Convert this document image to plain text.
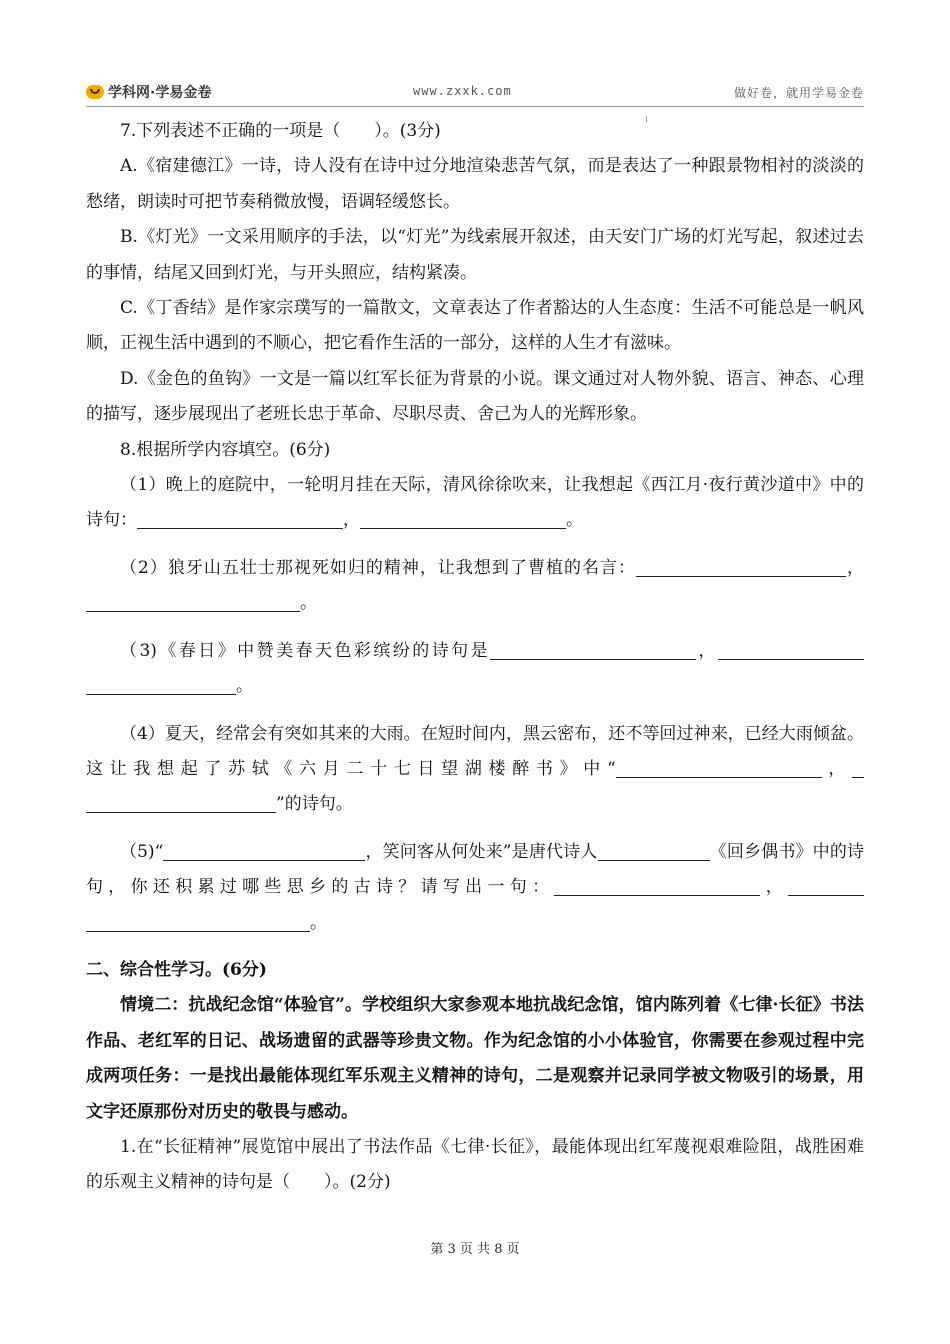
学科网·学易金卷	www.zxxk.com	做好卷，就用学易金卷

7.下列表述不正确的一项是（　　）。(3分)

A.《宿建德江》一诗，诗人没有在诗中过分地渲染悲苦气氛，而是表达了一种跟景物相衬的淡淡的愁绪，朗读时可把节奏稍微放慢，语调轻缓悠长。

B.《灯光》一文采用顺序的手法，以“灯光”为线索展开叙述，由天安门广场的灯光写起，叙述过去的事情，结尾又回到灯光，与开头照应，结构紧凑。

C.《丁香结》是作家宗璞写的一篇散文，文章表达了作者豁达的人生态度：生活不可能总是一帆风顺，正视生活中遇到的不顺心，把它看作生活的一部分，这样的人生才有滋味。

D.《金色的鱼钩》一文是一篇以红军长征为背景的小说。课文通过对人物外貌、语言、神态、心理的描写，逐步展现出了老班长忠于革命、尽职尽责、舍己为人的光辉形象。

8.根据所学内容填空。(6分)

（1）晚上的庭院中，一轮明月挂在天际，清风徐徐吹来，让我想起《西江月·夜行黄沙道中》中的诗句：	，	。

（2）狼牙山五壮士那视死如归的精神，让我想到了曹植的名言：	，。

（3)《春日》中赞美春天色彩缤纷的诗句是	，。

（4）夏天，经常会有突如其来的大雨。在短时间内，黑云密布，还不等回过神来，已经大雨倾盆。这让我想起了苏轼《六月二十七日望湖楼醉书》中“	，”的诗句。

（5)“	，笑问客从何处来”是唐代诗人	《回乡偶书》中的诗句，你还积累过哪些思乡的古诗？请写出一句：	，。

二、综合性学习。(6分)

情境二：抗战纪念馆“体验官”。学校组织大家参观本地抗战纪念馆，馆内陈列着《七律·长征》书法作品、老红军的日记、战场遗留的武器等珍贵文物。作为纪念馆的小小体验官，你需要在参观过程中完成两项任务：一是找出最能体现红军乐观主义精神的诗句，二是观察并记录同学被文物吸引的场景，用文字还原那份对历史的敬畏与感动。

1.在“长征精神”展览馆中展出了书法作品《七律·长征》，最能体现出红军蔑视艰难险阻，战胜困难的乐观主义精神的诗句是（　　）。(2分)

第 3 页 共 8 页
